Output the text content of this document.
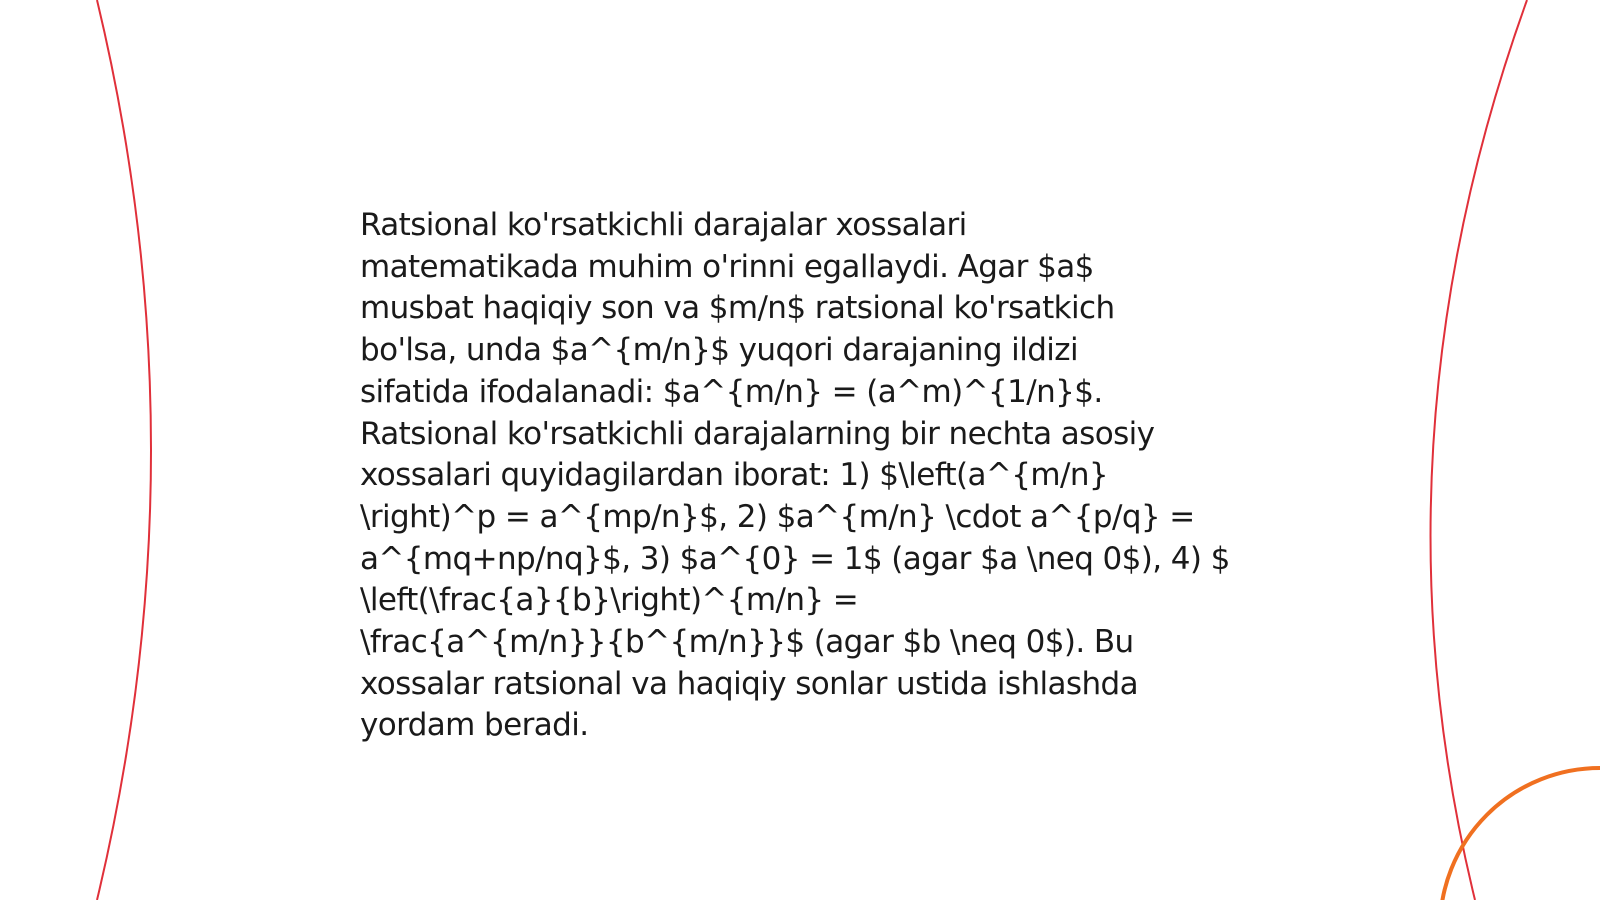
Ratsional ko'rsatkichli darajalar xossalari
matematikada muhim o'rinni egallaydi. Agar $a$
musbat haqiqiy son va $m/n$ ratsional ko'rsatkich
bo'lsa, unda $a^{m/n}$ yuqori darajaning ildizi
sifatida ifodalanadi: $a^{m/n} = (a^m)^{1/n}$.
Ratsional ko'rsatkichli darajalarning bir nechta asosiy
xossalari quyidagilardan iborat: 1) $\left(a^{m/n}
\right)^p = a^{mp/n}$, 2) $a^{m/n} \cdot a^{p/q} =
a^{mq+np/nq}$, 3) $a^{0} = 1$ (agar $a \neq 0$), 4) $
\left(\frac{a}{b}\right)^{m/n} =
\frac{a^{m/n}}{b^{m/n}}$ (agar $b \neq 0$). Bu
xossalar ratsional va haqiqiy sonlar ustida ishlashda
yordam beradi.
